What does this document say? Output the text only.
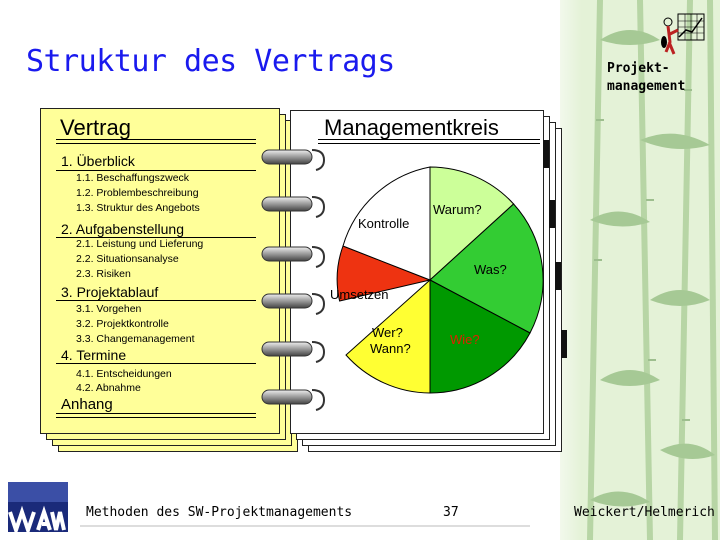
Struktur des Vertrags	Projekt-
management
Vertrag
1. Überblick
1.1. Beschaffungszweck
1.2. Problembeschreibung
1.3. Struktur des Angebots
2. Aufgabenstellung
2.1. Leistung und Lieferung
2.2. Situationsanalyse
2.3. Risiken
3. Projektablauf
3.1. Vorgehen
3.2. Projektkontrolle
3.3. Changemanagement
4. Termine
4.1. Entscheidungen
4.2. Abnahme
Anhang
Managementkreis
Warum?
Was?
Wie?
Wer?
Wann?
Umsetzen
Kontrolle
Methoden des SW-Projektmanagements	37	Weickert/Helmerich
